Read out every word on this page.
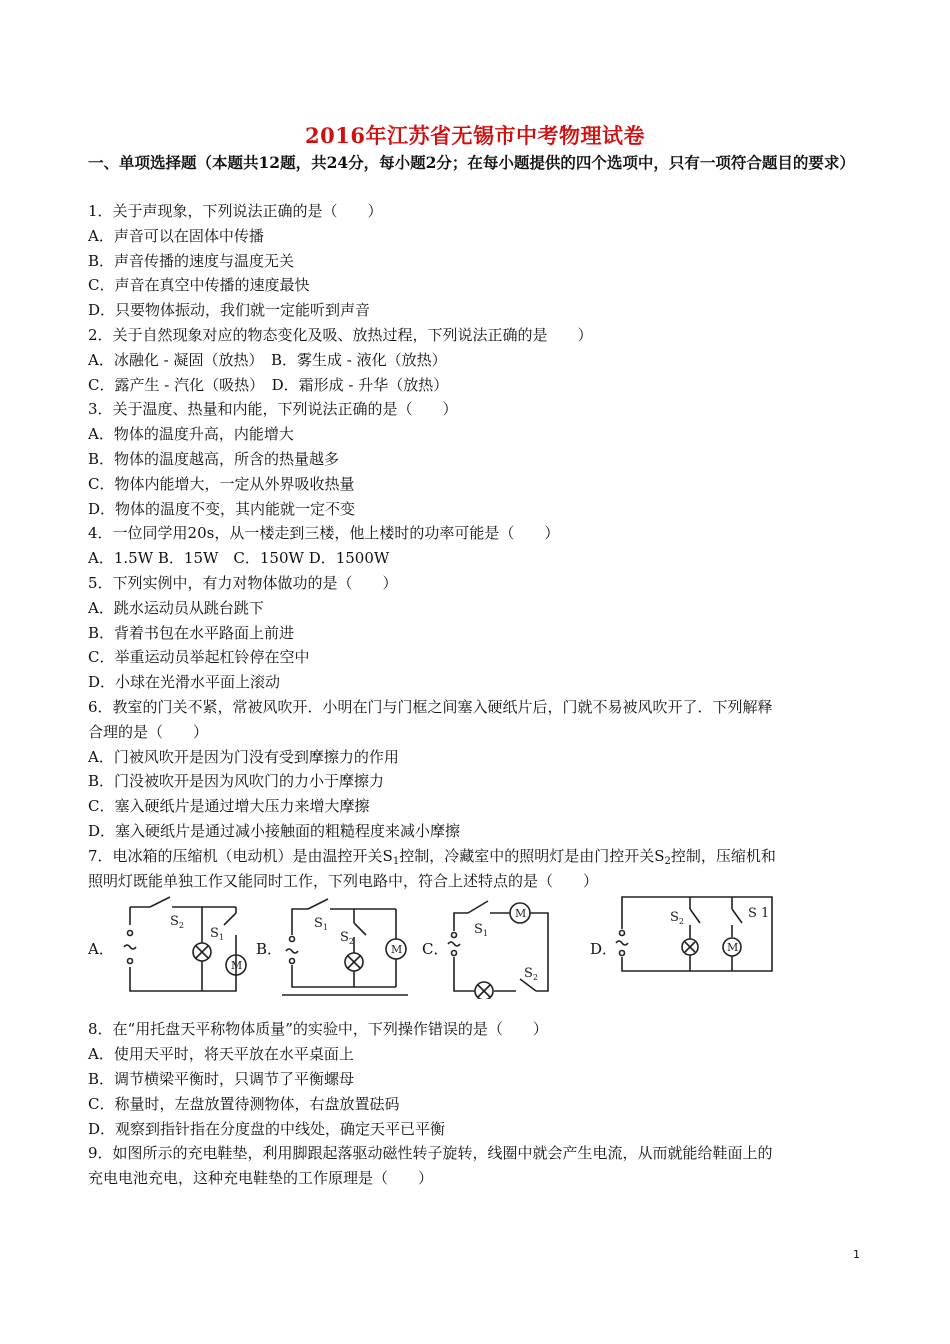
2016年江苏省无锡市中考物理试卷
一、单项选择题（本题共12题，共24分，每小题2分；在每小题提供的四个选项中，只有一项符合题目的要求）
1．关于声现象，下列说法正确的是（　　）
A．声音可以在固体中传播
B．声音传播的速度与温度无关
C．声音在真空中传播的速度最快
D．只要物体振动，我们就一定能听到声音
2．关于自然现象对应的物态变化及吸、放热过程，下列说法正确的是　　）
A．冰融化 - 凝固（放热）　B．雾生成 - 液化（放热）
C．露产生 - 汽化（吸热）　D．霜形成 - 升华（放热）
3．关于温度、热量和内能，下列说法正确的是（　　）
A．物体的温度升高，内能增大
B．物体的温度越高，所含的热量越多
C．物体内能增大，一定从外界吸收热量
D．物体的温度不变，其内能就一定不变
4．一位同学用20s，从一楼走到三楼，他上楼时的功率可能是（　　）
A．1.5W B．15W　C．150W D．1500W
5．下列实例中，有力对物体做功的是（　　）
A．跳水运动员从跳台跳下
B．背着书包在水平路面上前进
C．举重运动员举起杠铃停在空中
D．小球在光滑水平面上滚动
6．教室的门关不紧，常被风吹开．小明在门与门框之间塞入硬纸片后，门就不易被风吹开了．下列解释
合理的是（　　）
A．门被风吹开是因为门没有受到摩擦力的作用
B．门没被吹开是因为风吹门的力小于摩擦力
C．塞入硬纸片是通过增大压力来增大摩擦
D．塞入硬纸片是通过减小接触面的粗糙程度来减小摩擦
7．电冰箱的压缩机（电动机）是由温控开关$S_1$控制，冷藏室中的照明灯是由门控开关$S_2$控制，压缩机和
照明灯既能单独工作又能同时工作，下列电路中，符合上述特点的是（　　）
A．
$S_2$
$S_1$
M
B．
$S_1$
$S_2$
M C．
$S_1$
$S_2$
M
D．
$S_2$
S 1
M
8．在“用托盘天平称物体质量”的实验中，下列操作错误的是（　　）
A．使用天平时，将天平放在水平桌面上
B．调节横梁平衡时，只调节了平衡螺母
C．称量时，左盘放置待测物体，右盘放置砝码
D．观察到指针指在分度盘的中线处，确定天平已平衡
9．如图所示的充电鞋垫，利用脚跟起落驱动磁性转子旋转，线圈中就会产生电流，从而就能给鞋面上的
充电电池充电，这种充电鞋垫的工作原理是（　　）
1
